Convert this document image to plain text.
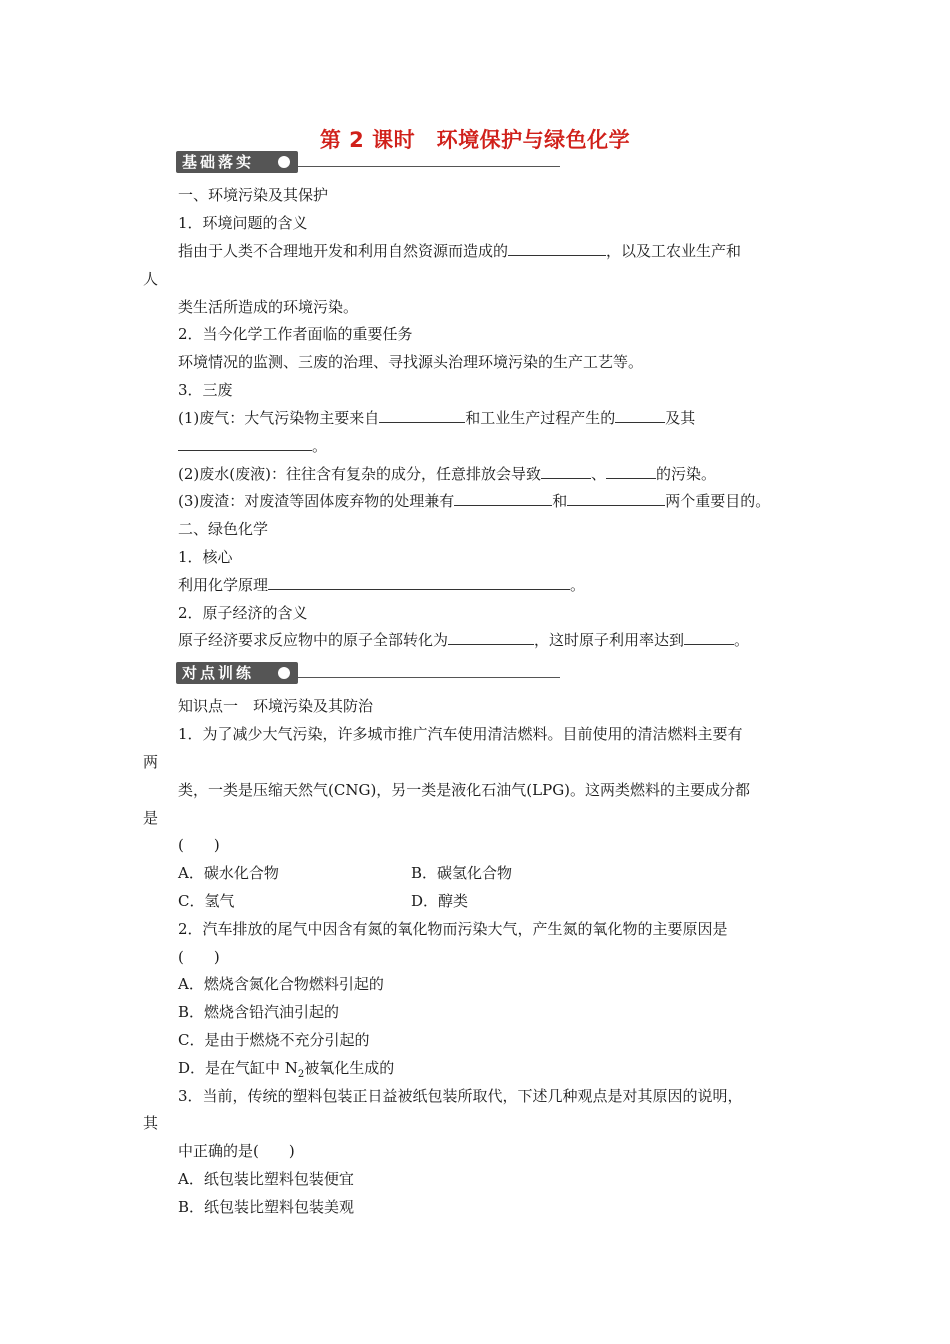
第 2 课时　环境保护与绿色化学
基础落实
一、环境污染及其保护
1．环境问题的含义
指由于人类不合理地开发和利用自然资源而造成的	，以及工农业生产和
人
类生活所造成的环境污染。
2．当今化学工作者面临的重要任务
环境情况的监测、三废的治理、寻找源头治理环境污染的生产工艺等。
3．三废
(1)废气：大气污染物主要来自	和工业生产过程产生的	及其
。
(2)废水(废液)：往往含有复杂的成分，任意排放会导致	、	的污染。
(3)废渣：对废渣等固体废弃物的处理兼有	和	两个重要目的。
二、绿色化学
1．核心
利用化学原理	。
2．原子经济的含义
原子经济要求反应物中的原子全部转化为	，这时原子利用率达到	。
对点训练
知识点一　环境污染及其防治
1．为了减少大气污染，许多城市推广汽车使用清洁燃料。目前使用的清洁燃料主要有
两
类，一类是压缩天然气(CNG)，另一类是液化石油气(LPG)。这两类燃料的主要成分都
是
(　　)
A．碳水化合物	B．碳氢化合物
C．氢气	D．醇类
2．汽车排放的尾气中因含有氮的氧化物而污染大气，产生氮的氧化物的主要原因是
(　　)
A．燃烧含氮化合物燃料引起的
B．燃烧含铅汽油引起的
C．是由于燃烧不充分引起的
D．是在气缸中 $N_2$被氧化生成的
3．当前，传统的塑料包装正日益被纸包装所取代，下述几种观点是对其原因的说明，
其
中正确的是(　　)
A．纸包装比塑料包装便宜
B．纸包装比塑料包装美观
